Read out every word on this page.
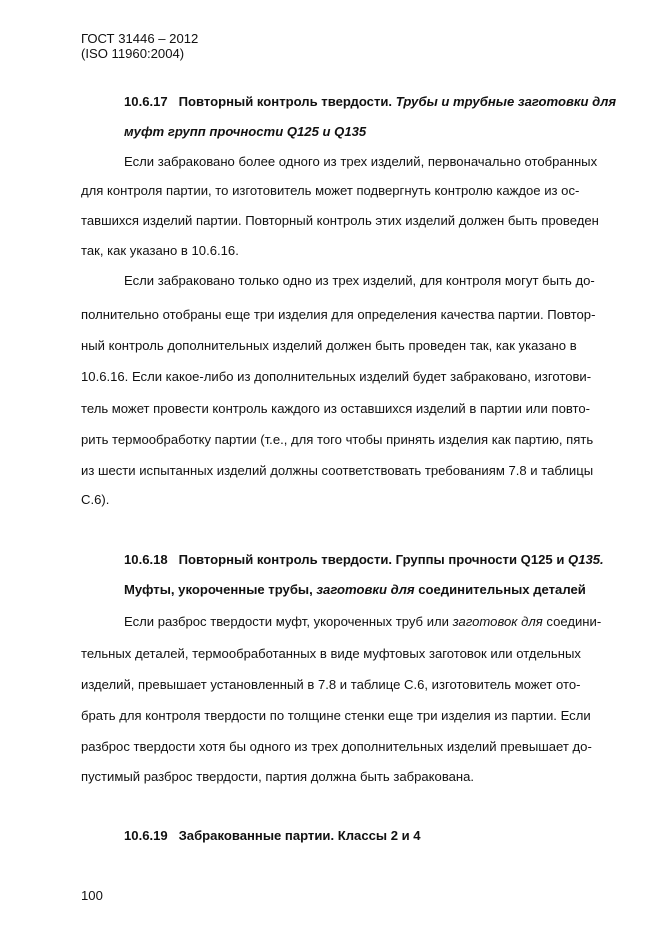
ГОСТ 31446 – 2012
(ISO 11960:2004)
10.6.17 Повторный контроль твердости. Трубы и трубные заготовки для
муфт групп прочности Q125 и Q135
Если забраковано более одного из трех изделий, первоначально отобранных
для контроля партии, то изготовитель может подвергнуть контролю каждое из ос-
тавшихся изделий партии. Повторный контроль этих изделий должен быть проведен
так, как указано в 10.6.16.
Если забраковано только одно из трех изделий, для контроля могут быть до-
полнительно отобраны еще три изделия для определения качества партии. Повтор-
ный контроль дополнительных изделий должен быть проведен так, как указано в
10.6.16. Если какое-либо из дополнительных изделий будет забраковано, изготови-
тель может провести контроль каждого из оставшихся изделий в партии или повто-
рить термообработку партии (т.е., для того чтобы принять изделия как партию, пять
из шести испытанных изделий должны соответствовать требованиям 7.8 и таблицы
С.6).
10.6.18 Повторный контроль твердости. Группы прочности Q125 и Q135.
Муфты, укороченные трубы, заготовки для соединительных деталей
Если разброс твердости муфт, укороченных труб или заготовок для соедини-
тельных деталей, термообработанных в виде муфтовых заготовок или отдельных
изделий, превышает установленный в 7.8 и таблице С.6, изготовитель может ото-
брать для контроля твердости по толщине стенки еще три изделия из партии. Если
разброс твердости хотя бы одного из трех дополнительных изделий превышает до-
пустимый разброс твердости, партия должна быть забракована.
10.6.19 Забракованные партии. Классы 2 и 4
100
